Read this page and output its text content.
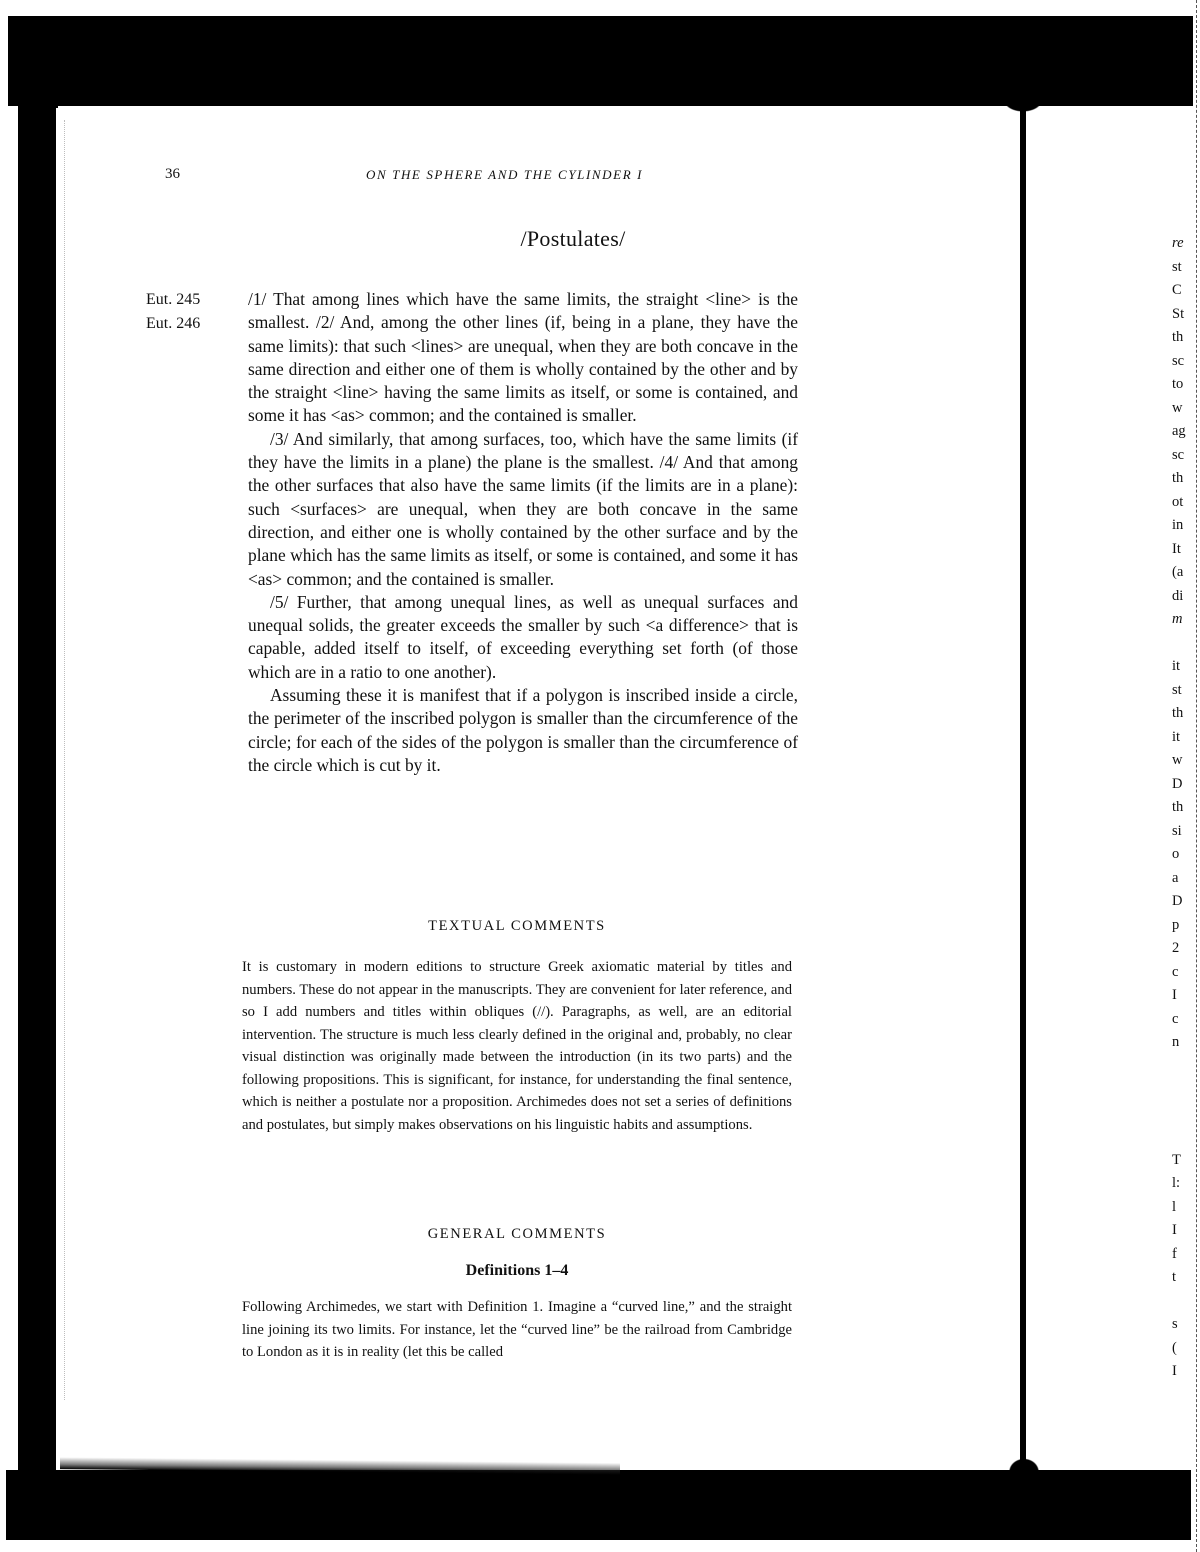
36	ON THE SPHERE AND THE CYLINDER I
/Postulates/
Eut. 245
Eut. 246

/1/ That among lines which have the same limits, the straight <line> is the smallest. /2/ And, among the other lines (if, being in a plane, they have the same limits): that such <lines> are unequal, when they are both concave in the same direction and either one of them is wholly contained by the other and by the straight <line> having the same limits as itself, or some is contained, and some it has <as> common; and the contained is smaller.

/3/ And similarly, that among surfaces, too, which have the same limits (if they have the limits in a plane) the plane is the smallest. /4/ And that among the other surfaces that also have the same limits (if the limits are in a plane): such <surfaces> are unequal, when they are both concave in the same direction, and either one is wholly contained by the other surface and by the plane which has the same limits as itself, or some is contained, and some it has <as> common; and the contained is smaller.

/5/ Further, that among unequal lines, as well as unequal surfaces and unequal solids, the greater exceeds the smaller by such <a difference> that is capable, added itself to itself, of exceeding everything set forth (of those which are in a ratio to one another).

Assuming these it is manifest that if a polygon is inscribed inside a circle, the perimeter of the inscribed polygon is smaller than the circumference of the circle; for each of the sides of the polygon is smaller than the circumference of the circle which is cut by it.

TEXTUAL COMMENTS

It is customary in modern editions to structure Greek axiomatic material by titles and numbers. These do not appear in the manuscripts. They are convenient for later reference, and so I add numbers and titles within obliques (//). Paragraphs, as well, are an editorial intervention. The structure is much less clearly defined in the original and, probably, no clear visual distinction was originally made between the introduction (in its two parts) and the following propositions. This is significant, for instance, for understanding the final sentence, which is neither a postulate nor a proposition. Archimedes does not set a series of definitions and postulates, but simply makes observations on his linguistic habits and assumptions.

GENERAL COMMENTS
Definitions 1–4

Following Archimedes, we start with Definition 1. Imagine a “curved line,” and the straight line joining its two limits. For instance, let the “curved line” be the railroad from Cambridge to London as it is in reality (let this be called

re
st
C
St
th
sc
to
w
ag
sc
th
ot
in
It
(a
di
m
it
st
th
it
w
D
th
si
o
a
D
p
2
c
I
c
n
T
l:
l
I
f
t
s
(
I
